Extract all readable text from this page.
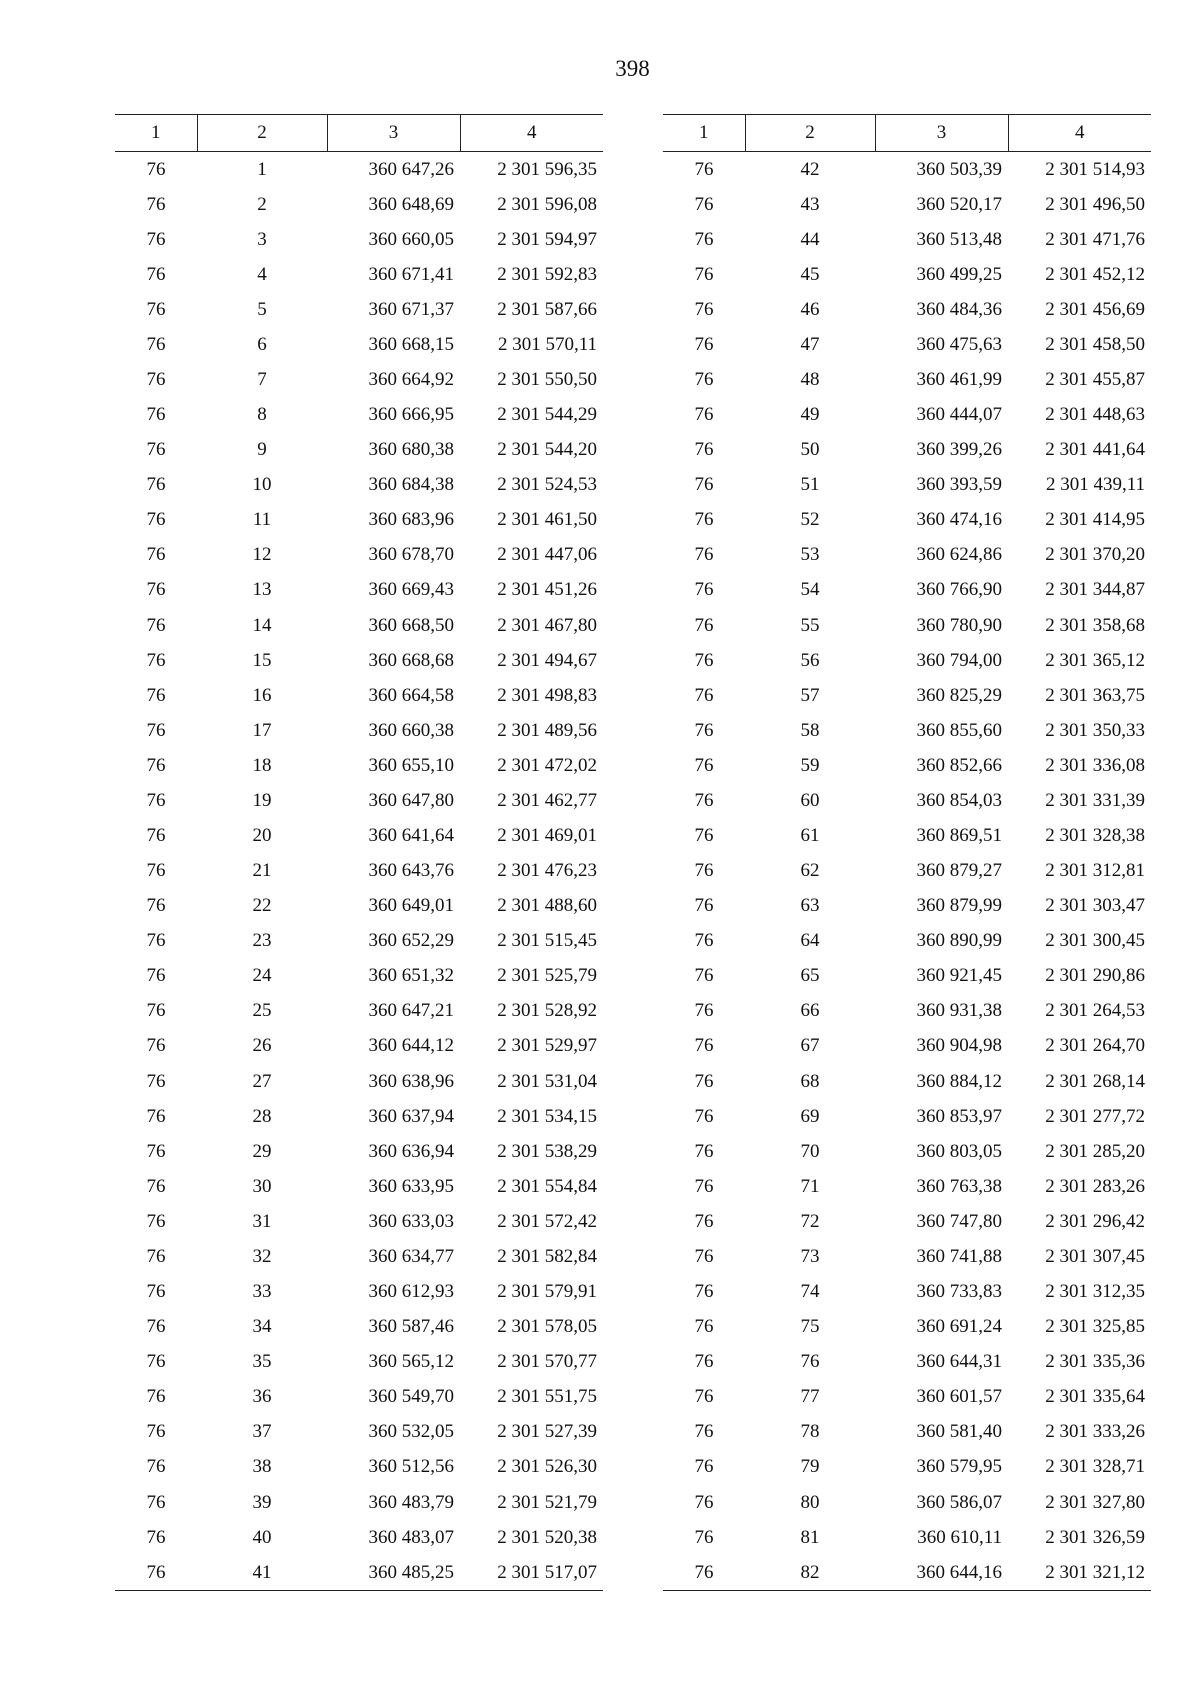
398
1	2	3	4
76	1	360 647,26	2 301 596,35
76	2	360 648,69	2 301 596,08
76	3	360 660,05	2 301 594,97
76	4	360 671,41	2 301 592,83
76	5	360 671,37	2 301 587,66
76	6	360 668,15	2 301 570,11
76	7	360 664,92	2 301 550,50
76	8	360 666,95	2 301 544,29
76	9	360 680,38	2 301 544,20
76	10	360 684,38	2 301 524,53
76	11	360 683,96	2 301 461,50
76	12	360 678,70	2 301 447,06
76	13	360 669,43	2 301 451,26
76	14	360 668,50	2 301 467,80
76	15	360 668,68	2 301 494,67
76	16	360 664,58	2 301 498,83
76	17	360 660,38	2 301 489,56
76	18	360 655,10	2 301 472,02
76	19	360 647,80	2 301 462,77
76	20	360 641,64	2 301 469,01
76	21	360 643,76	2 301 476,23
76	22	360 649,01	2 301 488,60
76	23	360 652,29	2 301 515,45
76	24	360 651,32	2 301 525,79
76	25	360 647,21	2 301 528,92
76	26	360 644,12	2 301 529,97
76	27	360 638,96	2 301 531,04
76	28	360 637,94	2 301 534,15
76	29	360 636,94	2 301 538,29
76	30	360 633,95	2 301 554,84
76	31	360 633,03	2 301 572,42
76	32	360 634,77	2 301 582,84
76	33	360 612,93	2 301 579,91
76	34	360 587,46	2 301 578,05
76	35	360 565,12	2 301 570,77
76	36	360 549,70	2 301 551,75
76	37	360 532,05	2 301 527,39
76	38	360 512,56	2 301 526,30
76	39	360 483,79	2 301 521,79
76	40	360 483,07	2 301 520,38
76	41	360 485,25	2 301 517,07
1	2	3	4
76	42	360 503,39	2 301 514,93
76	43	360 520,17	2 301 496,50
76	44	360 513,48	2 301 471,76
76	45	360 499,25	2 301 452,12
76	46	360 484,36	2 301 456,69
76	47	360 475,63	2 301 458,50
76	48	360 461,99	2 301 455,87
76	49	360 444,07	2 301 448,63
76	50	360 399,26	2 301 441,64
76	51	360 393,59	2 301 439,11
76	52	360 474,16	2 301 414,95
76	53	360 624,86	2 301 370,20
76	54	360 766,90	2 301 344,87
76	55	360 780,90	2 301 358,68
76	56	360 794,00	2 301 365,12
76	57	360 825,29	2 301 363,75
76	58	360 855,60	2 301 350,33
76	59	360 852,66	2 301 336,08
76	60	360 854,03	2 301 331,39
76	61	360 869,51	2 301 328,38
76	62	360 879,27	2 301 312,81
76	63	360 879,99	2 301 303,47
76	64	360 890,99	2 301 300,45
76	65	360 921,45	2 301 290,86
76	66	360 931,38	2 301 264,53
76	67	360 904,98	2 301 264,70
76	68	360 884,12	2 301 268,14
76	69	360 853,97	2 301 277,72
76	70	360 803,05	2 301 285,20
76	71	360 763,38	2 301 283,26
76	72	360 747,80	2 301 296,42
76	73	360 741,88	2 301 307,45
76	74	360 733,83	2 301 312,35
76	75	360 691,24	2 301 325,85
76	76	360 644,31	2 301 335,36
76	77	360 601,57	2 301 335,64
76	78	360 581,40	2 301 333,26
76	79	360 579,95	2 301 328,71
76	80	360 586,07	2 301 327,80
76	81	360 610,11	2 301 326,59
76	82	360 644,16	2 301 321,12
